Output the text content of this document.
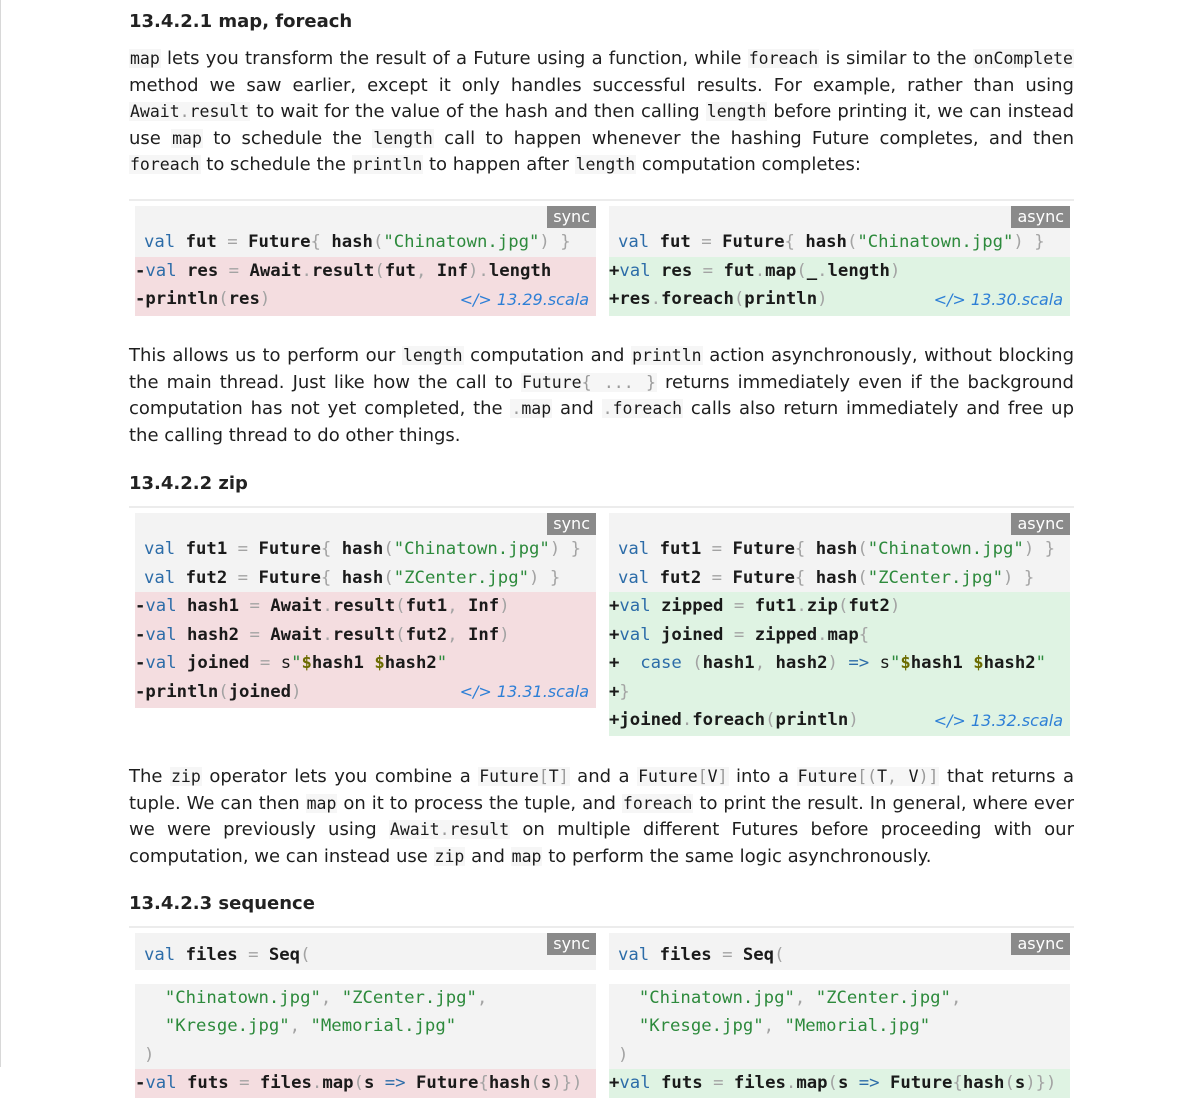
13.4.2.1 map, foreach

map lets you transform the result of a Future using a function, while foreach is similar to the onComplete method we saw earlier, except it only handles successful results. For example, rather than using Await.result to wait for the value of the hash and then calling length before printing it, we can instead use map to schedule the length call to happen whenever the hashing Future completes, and then foreach to schedule the println to happen after length computation completes:

val fut = Future{ hash("Chinatown.jpg") }
-val res = Await.result(fut, Inf).length
-println(res)
sync
</> 13.29.scala
val fut = Future{ hash("Chinatown.jpg") }
+val res = fut.map(_.length)
+res.foreach(println)
async
</> 13.30.scala

This allows us to perform our length computation and println action asynchronously, without blocking the main thread. Just like how the call to Future{ ... } returns immediately even if the background computation has not yet completed, the .map and .foreach calls also return immediately and free up the calling thread to do other things.

13.4.2.2 zip
val fut1 = Future{ hash("Chinatown.jpg") }
val fut2 = Future{ hash("ZCenter.jpg") }
-val hash1 = Await.result(fut1, Inf)
-val hash2 = Await.result(fut2, Inf)
-val joined = s"$hash1 $hash2"
-println(joined)
sync
</> 13.31.scala
val fut1 = Future{ hash("Chinatown.jpg") }
val fut2 = Future{ hash("ZCenter.jpg") }
+val zipped = fut1.zip(fut2)
+val joined = zipped.map{
+ case (hash1, hash2) => s"$hash1 $hash2"
+}
+joined.foreach(println)
async
</> 13.32.scala

The zip operator lets you combine a Future[T] and a Future[V] into a Future[(T, V)] that returns a tuple. We can then map on it to process the tuple, and foreach to print the result. In general, where ever we were previously using Await.result on multiple different Futures before proceeding with our computation, we can instead use zip and map to perform the same logic asynchronously.

13.4.2.3 sequence
val files = Seq(
"Chinatown.jpg", "ZCenter.jpg",
"Kresge.jpg", "Memorial.jpg"
)
-val futs = files.map(s => Future{hash(s)})
sync
val files = Seq(
"Chinatown.jpg", "ZCenter.jpg",
"Kresge.jpg", "Memorial.jpg"
)
+val futs = files.map(s => Future{hash(s)})
async
